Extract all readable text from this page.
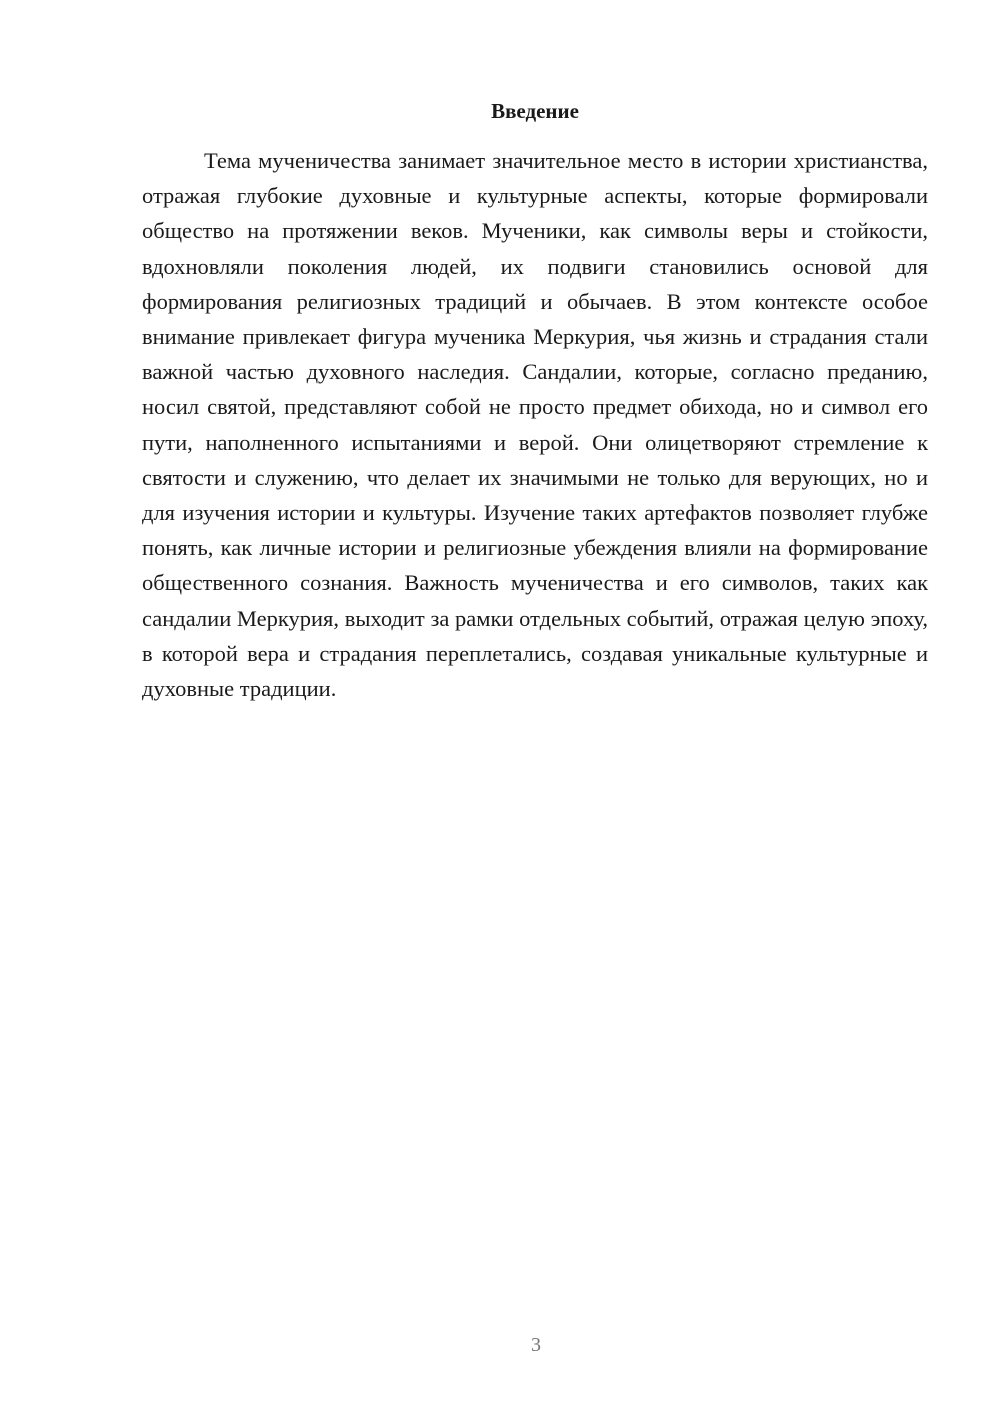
Введение

Тема мученичества занимает значительное место в истории христианства, отражая глубокие духовные и культурные аспекты, которые формировали общество на протяжении веков. Мученики, как символы веры и стойкости, вдохновляли поколения людей, их подвиги становились основой для формирования религиозных традиций и обычаев. В этом контексте особое внимание привлекает фигура мученика Меркурия, чья жизнь и страдания стали важной частью духовного наследия. Сандалии, которые, согласно преданию, носил святой, представляют собой не просто предмет обихода, но и символ его пути, наполненного испытаниями и верой. Они олицетворяют стремление к святости и служению, что делает их значимыми не только для верующих, но и для изучения истории и культуры. Изучение таких артефактов позволяет глубже понять, как личные истории и религиозные убеждения влияли на формирование общественного сознания. Важность мученичества и его символов, таких как сандалии Меркурия, выходит за рамки отдельных событий, отражая целую эпоху, в которой вера и страдания переплетались, создавая уникальные культурные и духовные традиции.

3
